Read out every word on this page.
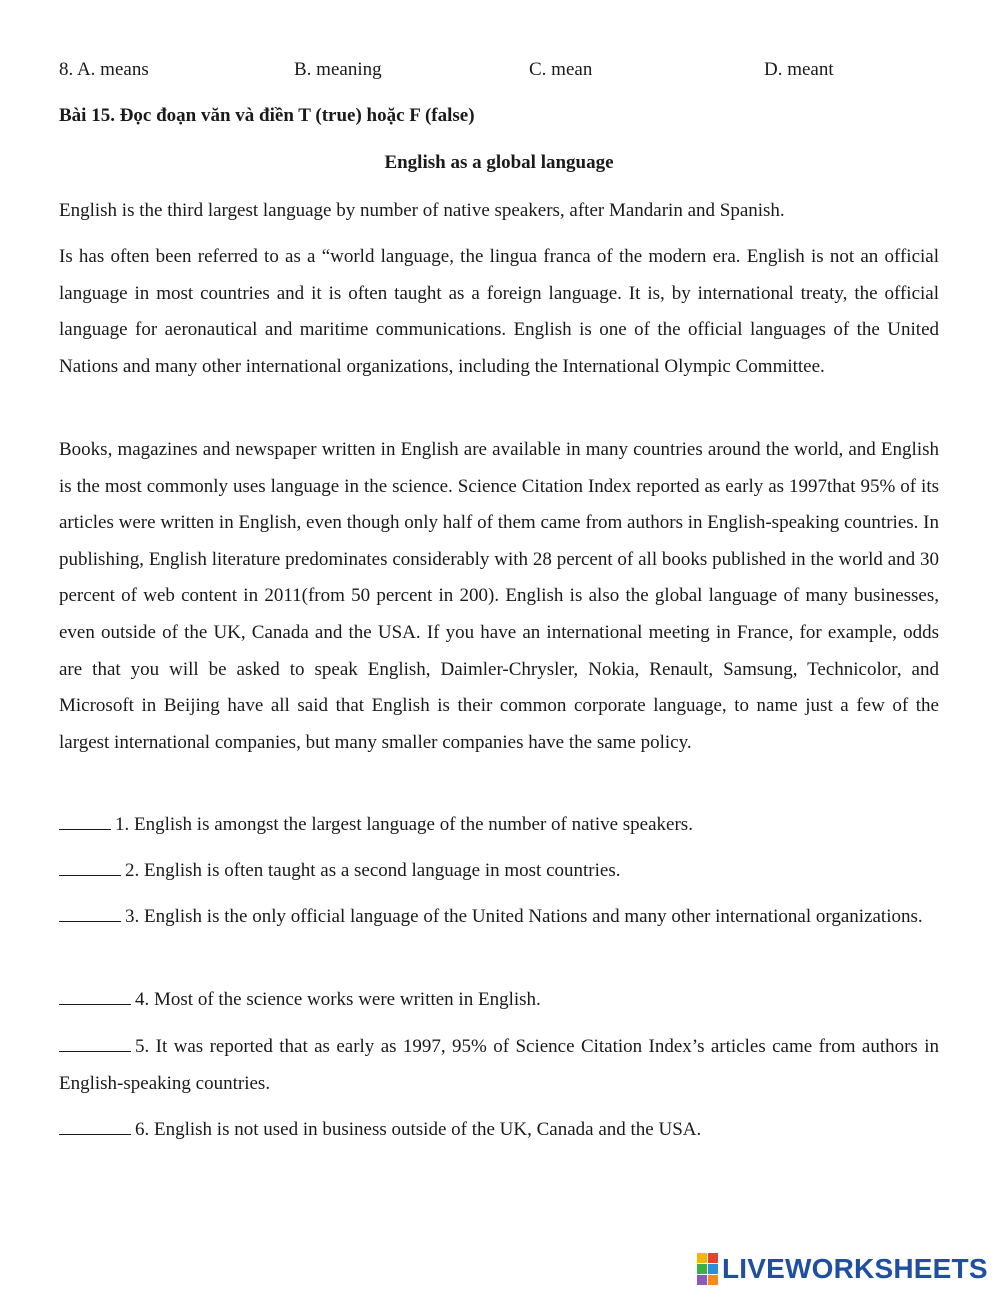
8. A. means	B. meaning	C. mean	D. meant
Bài 15. Đọc đoạn văn và điền T (true) hoặc F (false)
English as a global language

English is the third largest language by number of native speakers, after Mandarin and Spanish.

Is has often been referred to as a “world language, the lingua franca of the modern era. English is not an official language in most countries and it is often taught as a foreign language. It is, by international treaty, the official language for aeronautical and maritime communications. English is one of the official languages of the United Nations and many other international organizations, including the International Olympic Committee.

Books, magazines and newspaper written in English are available in many countries around the world, and English is the most commonly uses language in the science. Science Citation Index reported as early as 1997that 95% of its articles were written in English, even though only half of them came from authors in English-speaking countries. In publishing, English literature predominates considerably with 28 percent of all books published in the world and 30 percent of web content in 2011(from 50 percent in 200). English is also the global language of many businesses, even outside of the UK, Canada and the USA. If you have an international meeting in France, for example, odds are that you will be asked to speak English, Daimler-Chrysler, Nokia, Renault, Samsung, Technicolor, and Microsoft in Beijing have all said that English is their common corporate language, to name just a few of the largest international companies, but many smaller companies have the same policy.

1. English is amongst the largest language of the number of native speakers.

2. English is often taught as a second language in most countries.

3. English is the only official language of the United Nations and many other international organizations.

4. Most of the science works were written in English.

5. It was reported that as early as 1997, 95% of Science Citation Index’s articles came from authors in English-speaking countries.

6. English is not used in business outside of the UK, Canada and the USA.

LIVEWORKSHEETS
